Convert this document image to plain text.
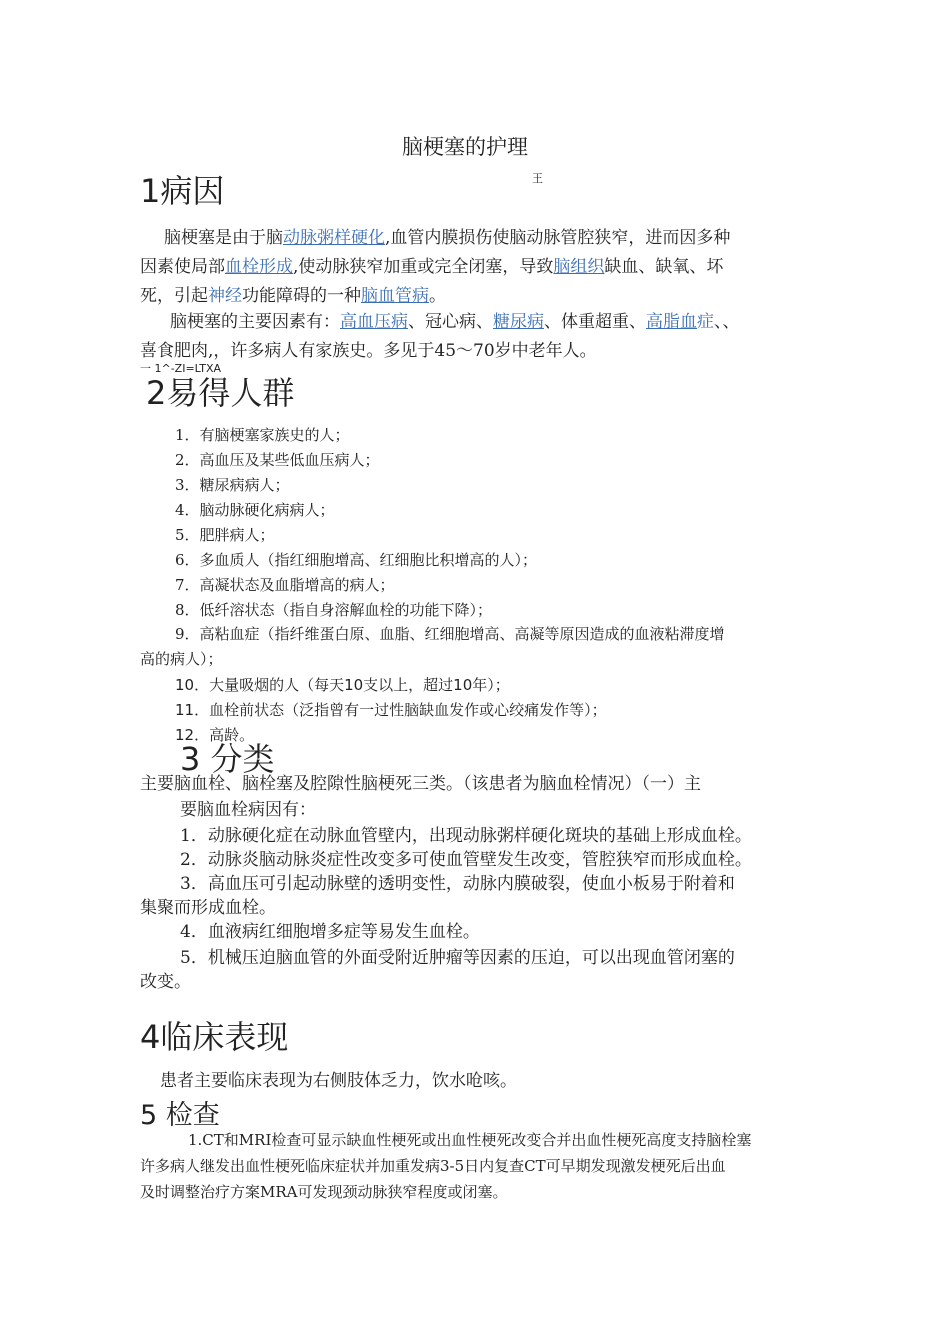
脑梗塞的护理
王
1病因
脑梗塞是由于脑动脉粥样硬化,血管内膜损伤使脑动脉管腔狭窄，进而因多种
因素使局部血栓形成,使动脉狭窄加重或完全闭塞，导致脑组织缺血、缺氧、坏
死，引起神经功能障碍的一种脑血管病。
脑梗塞的主要因素有：高血压病、冠心病、糖尿病、体重超重、高脂血症、、
喜食肥肉,，许多病人有家族史。多见于45〜70岁中老年人。
一 1^-ZI=LTXA
2易得人群
1．有脑梗塞家族史的人；
2．高血压及某些低血压病人；
3．糖尿病病人；
4．脑动脉硬化病病人；
5．肥胖病人；
6．多血质人（指红细胞增高、红细胞比积增高的人）；
7．高凝状态及血脂增高的病人；
8．低纤溶状态（指自身溶解血栓的功能下降）；
9．高粘血症（指纤维蛋白原、血脂、红细胞增高、高凝等原因造成的血液粘滞度增
高的病人）；
10．大量吸烟的人（每天10支以上，超过10年）；
11．血栓前状态（泛指曾有一过性脑缺血发作或心绞痛发作等）；
12．高龄。
3 分类
主要脑血栓、脑栓塞及腔隙性脑梗死三类。（该患者为脑血栓情况）（一）主
要脑血栓病因有：
1．动脉硬化症在动脉血管壁内，出现动脉粥样硬化斑块的基础上形成血栓。
2．动脉炎脑动脉炎症性改变多可使血管壁发生改变，管腔狭窄而形成血栓。
3．高血压可引起动脉壁的透明变性，动脉内膜破裂，使血小板易于附着和
集聚而形成血栓。
4．血液病红细胞增多症等易发生血栓。
5．机械压迫脑血管的外面受附近肿瘤等因素的压迫，可以出现血管闭塞的
改变。
4临床表现
患者主要临床表现为右侧肢体乏力，饮水呛咳。
5 检查
1.CT和MRI检查可显示缺血性梗死或出血性梗死改变合并出血性梗死高度支持脑栓塞
许多病人继发出血性梗死临床症状并加重发病3-5日内复查CT可早期发现激发梗死后出血
及时调整治疗方案MRA可发现颈动脉狭窄程度或闭塞。
